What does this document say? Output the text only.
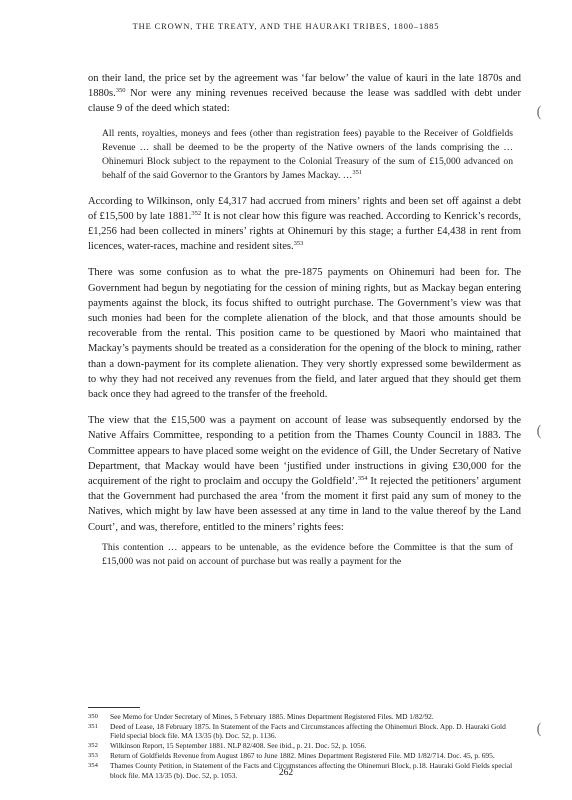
THE CROWN, THE TREATY, AND THE HAURAKI TRIBES, 1800–1885

on their land, the price set by the agreement was ‘far below’ the value of kauri in the late 1870s and 1880s.$^{350}$ Nor were any mining revenues received because the lease was saddled with debt under clause 9 of the deed which stated:

All rents, royalties, moneys and fees (other than registration fees) payable to the Receiver of Goldfields Revenue … shall be deemed to be the property of the Native owners of the lands comprising the … Ohinemuri Block subject to the repayment to the Colonial Treasury of the sum of £15,000 advanced on behalf of the said Governor to the Grantors by James Mackay. …$^{351}$

According to Wilkinson, only £4,317 had accrued from miners’ rights and been set off against a debt of £15,500 by late 1881.$^{352}$ It is not clear how this figure was reached. According to Kenrick’s records, £1,256 had been collected in miners’ rights at Ohinemuri by this stage; a further £4,438 in rent from licences, water-races, machine and resident sites.$^{353}$

There was some confusion as to what the pre-1875 payments on Ohinemuri had been for. The Government had begun by negotiating for the cession of mining rights, but as Mackay began entering payments against the block, its focus shifted to outright purchase. The Government’s view was that such monies had been for the complete alienation of the block, and that those amounts should be recoverable from the rental. This position came to be questioned by Maori who maintained that Mackay’s payments should be treated as a consideration for the opening of the block to mining, rather than a down-payment for its complete alienation. They very shortly expressed some bewilderment as to why they had not received any revenues from the field, and later argued that they should get them back once they had agreed to the transfer of the freehold.

The view that the £15,500 was a payment on account of lease was subsequently endorsed by the Native Affairs Committee, responding to a petition from the Thames County Council in 1883. The Committee appears to have placed some weight on the evidence of Gill, the Under Secretary of Native Department, that Mackay would have been ‘justified under instructions in giving £30,000 for the acquirement of the right to proclaim and occupy the Goldfield’.$^{354}$ It rejected the petitioners’ argument that the Government had purchased the area ‘from the moment it first paid any sum of money to the Natives, which might by law have been assessed at any time in land to the value thereof by the Land Court’, and was, therefore, entitled to the miners’ rights fees:

This contention … appears to be untenable, as the evidence before the Committee is that the sum of £15,000 was not paid on account of purchase but was really a payment for the
350	See Memo for Under Secretary of Mines, 5 February 1885. Mines Department Registered Files. MD 1/82/92.
351	Deed of Lease, 18 February 1875. In Statement of the Facts and Circumstances affecting the Ohinemuri Block. App. D. Hauraki Gold Field special block file. MA 13/35 (b). Doc. 52, p. 1136.
352	Wilkinson Report, 15 September 1881. NLP 82/408. See ibid., p. 21. Doc. 52, p. 1056.
353	Return of Goldfields Revenue from August 1867 to June 1882. Mines Department Registered File. MD 1/82/714. Doc. 45, p. 695.
354	Thames County Petition, in Statement of the Facts and Circumstances affecting the Ohinemuri Block, p.18. Hauraki Gold Fields special block file. MA 13/35 (b). Doc. 52, p. 1053.	262
(
(
(
